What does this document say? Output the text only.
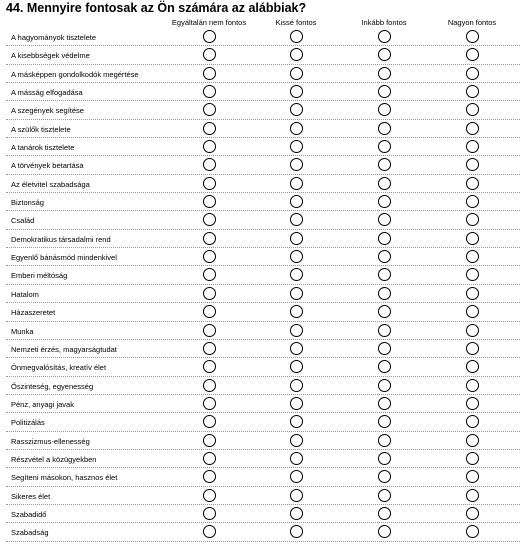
44. Mennyire fontosak az Ön számára az alábbiak?
Egyáltalán nem fontos	Kissé fontos	Inkább fontos	Nagyon fontos
A hagyományok tisztelete
A kisebbségek védelme
A másképpen gondolkodók megértése
A másság elfogadása
A szegények segítése
A szülők tisztelete
A tanárok tisztelete
A törvények betartása
Az életvitel szabadsága
Biztonság
Család
Demokratikus társadalmi rend
Egyenlő bánásmód mindenkivel
Emberi méltóság
Hatalom
Házaszeretet
Munka
Nemzeti érzés, magyarságtudat
Önmegvalósítás, kreatív élet
Őszinteség, egyenesség
Pénz, anyagi javak
Politizálás
Rasszizmus-ellenesség
Részvétel a közügyekben
Segíteni másokon, hasznos élet
Sikeres élet
Szabadidő
Szabadság
